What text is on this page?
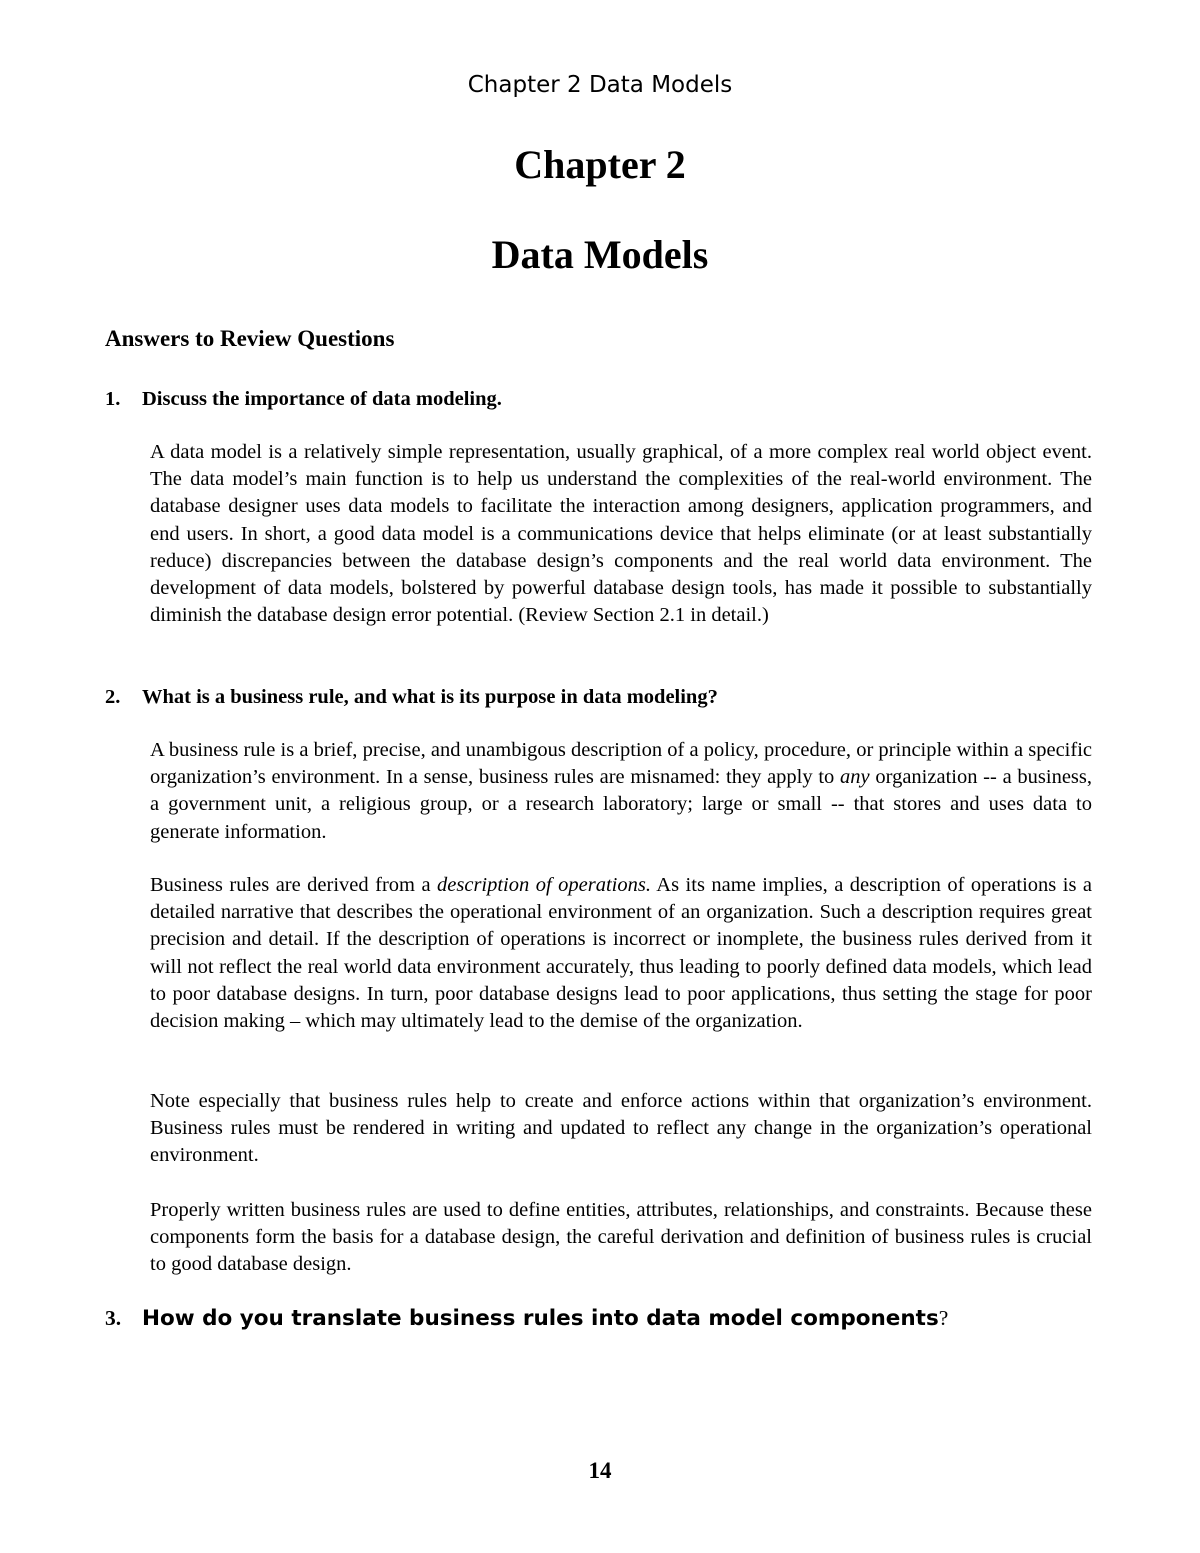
Chapter 2 Data Models
Chapter 2
Data Models
Answers to Review Questions
1. Discuss the importance of data modeling.

A data model is a relatively simple representation, usually graphical, of a more complex real world object event. The data model’s main function is to help us understand the complexities of the real-world environment. The database designer uses data models to facilitate the interaction among designers, application programmers, and end users. In short, a good data model is a communications device that helps eliminate (or at least substantially reduce) discrepancies between the database design’s components and the real world data environment. The development of data models, bolstered by powerful database design tools, has made it possible to substantially diminish the database design error potential. (Review Section 2.1 in detail.)

2. What is a business rule, and what is its purpose in data modeling?

A business rule is a brief, precise, and unambigous description of a policy, procedure, or principle within a specific organization’s environment. In a sense, business rules are misnamed: they apply to any organization -- a business, a government unit, a religious group, or a research laboratory; large or small -- that stores and uses data to generate information.

Business rules are derived from a description of operations. As its name implies, a description of operations is a detailed narrative that describes the operational environment of an organization. Such a description requires great precision and detail. If the description of operations is incorrect or inomplete, the business rules derived from it will not reflect the real world data environment accurately, thus leading to poorly defined data models, which lead to poor database designs. In turn, poor database designs lead to poor applications, thus setting the stage for poor decision making – which may ultimately lead to the demise of the organization.

Note especially that business rules help to create and enforce actions within that organization’s environment. Business rules must be rendered in writing and updated to reflect any change in the organization’s operational environment.

Properly written business rules are used to define entities, attributes, relationships, and constraints. Because these components form the basis for a database design, the careful derivation and definition of business rules is crucial to good database design.

3. How do you translate business rules into data model components?
14
